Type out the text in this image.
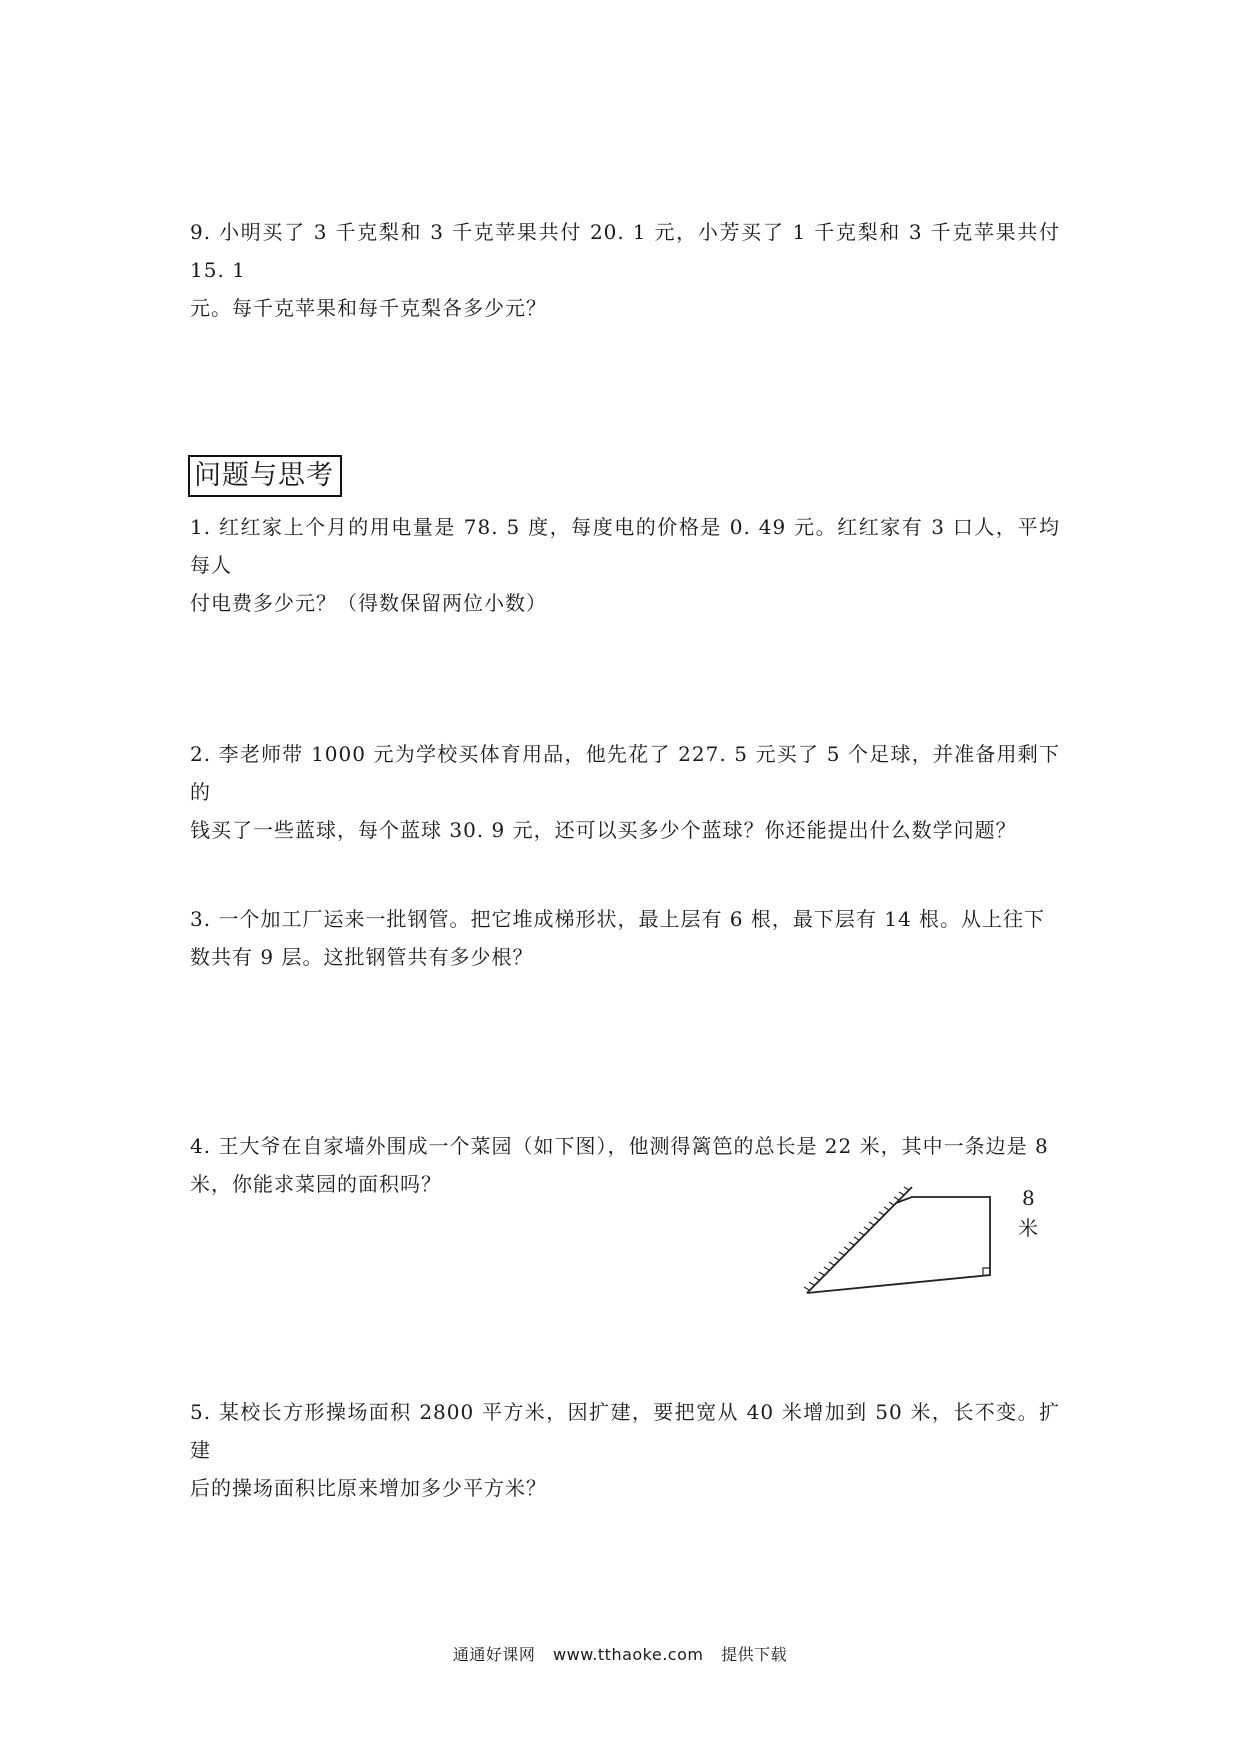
9. 小明买了 3 千克梨和 3 千克苹果共付 20. 1 元，小芳买了 1 千克梨和 3 千克苹果共付 15. 1

元。每千克苹果和每千克梨各多少元？

问题与思考

1. 红红家上个月的用电量是 78. 5 度，每度电的价格是 0. 49 元。红红家有 3 口人，平均每人

付电费多少元？（得数保留两位小数）

2. 李老师带 1000 元为学校买体育用品，他先花了 227. 5 元买了 5 个足球，并准备用剩下的

钱买了一些蓝球，每个蓝球 30. 9 元，还可以买多少个蓝球？你还能提出什么数学问题？

3. 一个加工厂运来一批钢管。把它堆成梯形状，最上层有 6 根，最下层有 14 根。从上往下

数共有 9 层。这批钢管共有多少根？

4. 王大爷在自家墙外围成一个菜园（如下图），他测得篱笆的总长是 22 米，其中一条边是 8

米，你能求菜园的面积吗？

8
米

5. 某校长方形操场面积 2800 平方米，因扩建，要把宽从 40 米增加到 50 米，长不变。扩建

后的操场面积比原来增加多少平方米？

通通好课网 www.tthaoke.com 提供下载
